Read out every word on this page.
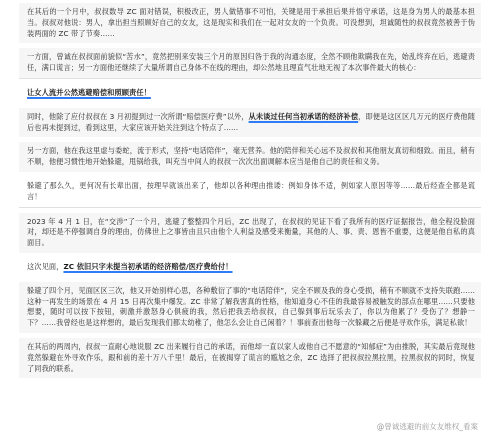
在其后的一个月中，叔叔数导 ZC 面对错误，积极改正，男人做错事不可怕，关键是用于承担后果并悟守承诺，这是身为男人的最基本担当。叔叔对他说：男人，拿出担当照顾好自己的女友，这是现实和我们在一起对女友的一个负责。可没想到，坦诚随性的叔叔竟然被善于伪装两面的 ZC 带了节奏……
一方面，曾诚在叔叔面前貌似“苦水”，竟然把别来安装三个月的原因归咎于我的沟通态度，全然不顾他欺瞒我在先，始乱终弃在后，逃避责任，满口谎言；另一方面他还继续了大量所谓自己身体不在线的理由，却公然地且理直气壮地无视了本次事件最大的核心：
让女人流并公然逃避赔偿和照顾责任！
同时，他除了应付叔叔在 3 月初提到过一次所谓“赔偿医疗费”以外，从未谈过任何当初承诺的经济补偿，即便是这区区几万元的医疗费他随后也再未提到过，看到这里，大家应该开始关注到这个特点了……
另一方面，他在我这里虚与委蛇，流于形式，坚持“电话陪伴”，毫无营养。他的陪伴和关心远不及叔叔和其他朋友真切和细致。而且，稍有不顺，他便习惯性地开始躲避，甩锅给我，叫充当中间人的叔叔一次次出面调解本应当是他自己的责任和义务。
躲避了那么久，更何况有长辈出面，按理早就该出来了，他却以各种理由推诿：例如身体不适，例如家人原因等等……最后经查全都是谎言！
2023 年 4 月 1 日，在“交涉”了一个月，逃避了整整四个月后，ZC 出现了，在叔叔的见证下看了我所有的医疗证据报告，他全程没脸面对，却还是不停强调自身的理由，仿佛世上之事皆由且只由他个人利益及感受来衡量，其他的人、事、责、恩皆不重要，这便是他自私的真面目。
这次见面，ZC 依旧只字未提当初承诺的经济赔偿/医疗费给付！
躲避了四个月，见面区区三次，他又开始别样心思，各种敷衍了事的“电话陪伴”，完全不顾及我的身心受损，稍有不顺就不支持失联跑……这种一再发生的场景在 4 月 15 日再次集中爆发。ZC 非常了解我害真的性格，他知道身心不佳的我最容易被触发的部点在哪里……只要他想要，随时可以按下按钮，刺激并激怒身心俱疲的我，然后把我丢给叔叔，自己躲到事后玩乐去了，你以为他累了？受伤了？想静一下？……我曾经也是这样想的，最后发现我们都太幼稚了，他怎么会让自己闲着？！事前查出他每一次躲藏之后便是寻欢作乐，满足私欲！
在其后的两周内，叔叔一直耐心地说服 ZC 出来履行自己的承诺，而他却一直以家人或他自己不愿意的“知郁症”为由推脱，其实最后竟现他竟然躲避在外寻欢作乐，跟和前的差十万八千里！最后，在被揭穿了谎言的尴尬之余，ZC 选择了把叔叔拉黑拉黑，拉黑叔叔的同时，恢复了同我的联系。
@曾诚逃避的前女友维权_看案
